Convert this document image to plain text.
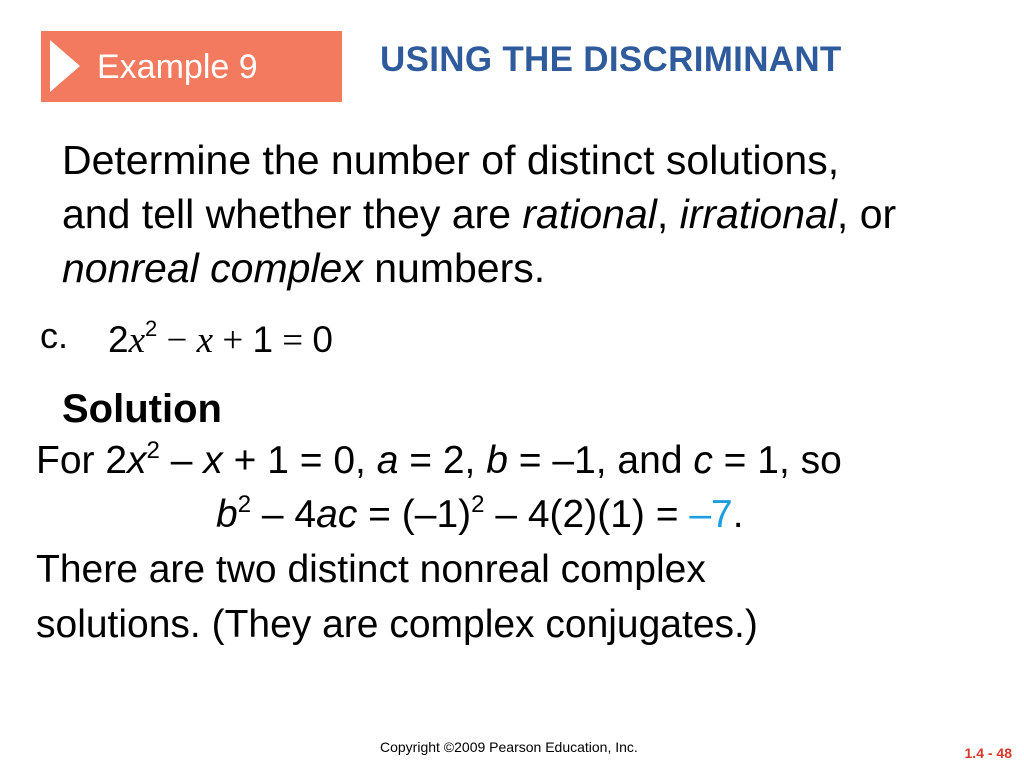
Example 9	USING THE DISCRIMINANT
Determine the number of distinct solutions,
and tell whether they are rational, irrational, or
nonreal complex numbers.
c. $2x^2 - x + 1 = 0$
Solution
For $2x^2 - x + 1 = 0$, a = 2, b = –1, and c = 1, so
$b^2 - 4ac = (-1)^2 - 4(2)(1) = -7$.
There are two distinct nonreal complex
solutions. (They are complex conjugates.)
Copyright ©2009 Pearson Education, Inc.	1.4 - 48
